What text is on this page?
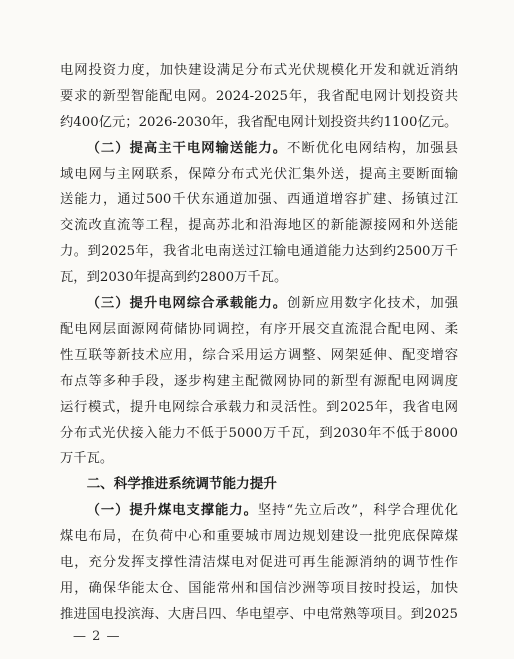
电网投资力度，加快建设满足分布式光伏规模化开发和就近消纳
要求的新型智能配电网。2024-2025年，我省配电网计划投资共
约400亿元；2026-2030年，我省配电网计划投资共约1100亿元。

（二）提高主干电网输送能力。不断优化电网结构，加强县
域电网与主网联系，保障分布式光伏汇集外送，提高主要断面输
送能力，通过500千伏东通道加强、西通道增容扩建、扬镇过江
交流改直流等工程，提高苏北和沿海地区的新能源接网和外送能
力。到2025年，我省北电南送过江输电通道能力达到约2500万千
瓦，到2030年提高到约2800万千瓦。

（三）提升电网综合承载能力。创新应用数字化技术，加强
配电网层面源网荷储协同调控，有序开展交直流混合配电网、柔
性互联等新技术应用，综合采用运方调整、网架延伸、配变增容
布点等多种手段，逐步构建主配微网协同的新型有源配电网调度
运行模式，提升电网综合承载力和灵活性。到2025年，我省电网
分布式光伏接入能力不低于5000万千瓦，到2030年不低于8000
万千瓦。

二、科学推进系统调节能力提升

（一）提升煤电支撑能力。坚持“先立后改”，科学合理优化
煤电布局，在负荷中心和重要城市周边规划建设一批兜底保障煤
电，充分发挥支撑性清洁煤电对促进可再生能源消纳的调节性作
用，确保华能太仓、国能常州和国信沙洲等项目按时投运，加快
推进国电投滨海、大唐吕四、华电望亭、中电常熟等项目。到2025

— 2 —
